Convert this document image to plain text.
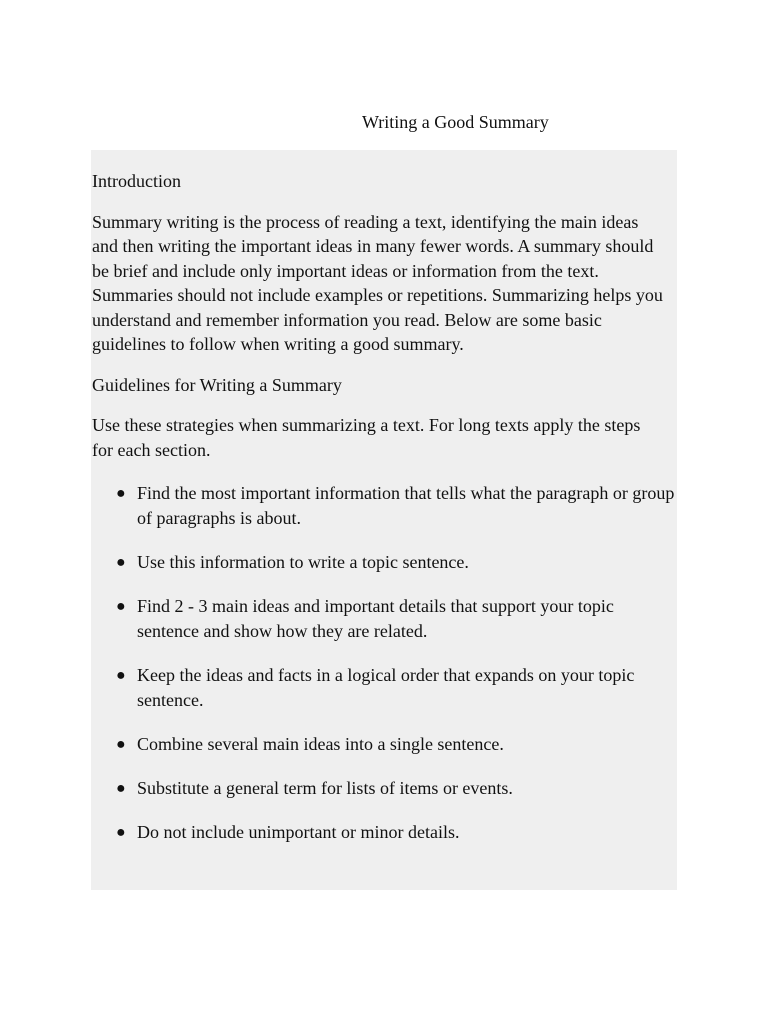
Writing a Good Summary

Introduction

Summary writing is the process of reading a text, identifying the main ideas and then writing the important ideas in many fewer words. A summary should be brief and include only important ideas or information from the text. Summaries should not include examples or repetitions. Summarizing helps you understand and remember information you read. Below are some basic guidelines to follow when writing a good summary.

Guidelines for Writing a Summary

Use these strategies when summarizing a text. For long texts apply the steps for each section.

● Find the most important information that tells what the paragraph or group of paragraphs is about.
● Use this information to write a topic sentence.
● Find 2 - 3 main ideas and important details that support your topic sentence and show how they are related.
● Keep the ideas and facts in a logical order that expands on your topic sentence.
● Combine several main ideas into a single sentence.
● Substitute a general term for lists of items or events.
● Do not include unimportant or minor details.
